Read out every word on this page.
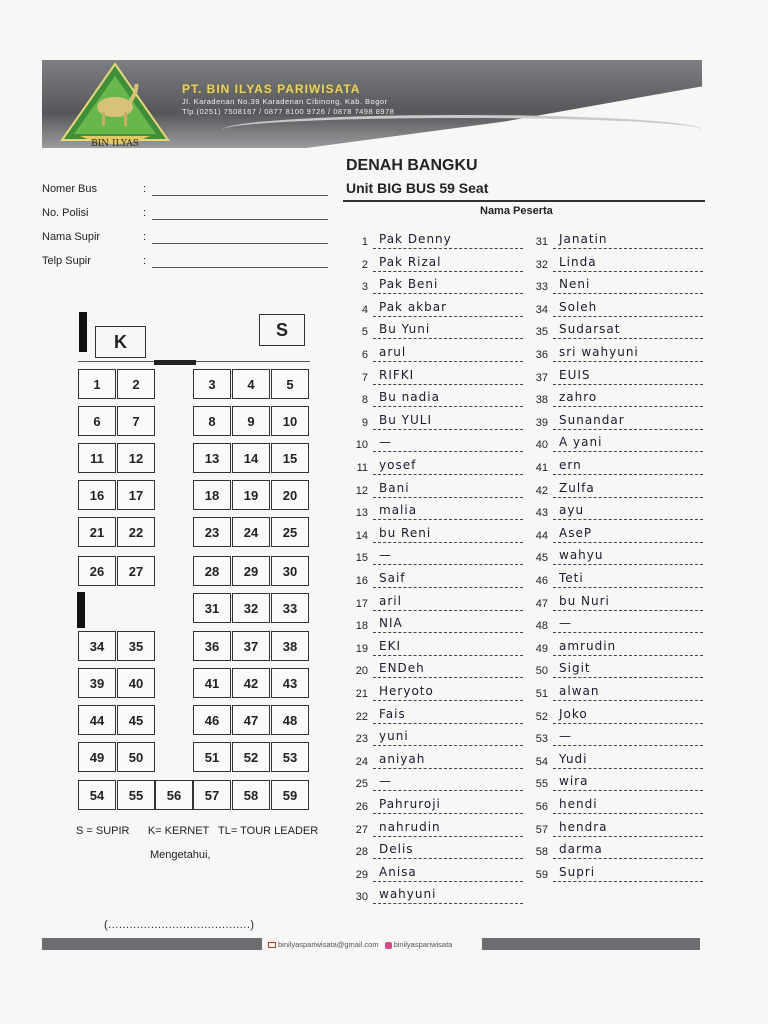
BIN ILYAS
PT. BIN ILYAS PARIWISATA
Jl. Karadenan No.39 Karadenan Cibinong, Kab. Bogor
Tlp.(0251) 7508167 / 0877 8100 9726 / 0878 7498 8978
Nomer Bus	:
No. Polisi	:
Nama Supir	:
Telp Supir	:
DENAH BANGKU
Unit BIG BUS 59 Seat
Nama Peserta
K
S
1	2	3	4	5
6	7	8	9	10
11	12	13	14	15
16	17	18	19	20
21	22	23	24	25
26	27	28	29	30
31	32	33
34	35	36	37	38
39	40	41	42	43
44	45	46	47	48
49	50	51	52	53
54	55	56	57	58	59
S = SUPIR      K= KERNET   TL= TOUR LEADER
Mengetahui,
(........................................)
1 Pak Denny
2 Pak Rizal
3 Pak Beni
4 Pak akbar
5 Bu Yuni
6 arul
7 RIFKI
8 Bu nadia
9 Bu YULI
10 —
11 yosef
12 Bani
13 malia
14 bu Reni
15 —
16 Saif
17 aril
18 NIA
19 EKI
20 ENDeh
21 Heryoto
22 Fais
23 yuni
24 aniyah
25 —
26 Pahruroji
27 nahrudin
28 Delis
29 Anisa
30 wahyuni
31 Janatin
32 Linda
33 Neni
34 Soleh
35 Sudarsat
36 sri wahyuni
37 EUIS
38 zahro
39 Sunandar
40 A yani
41 ern
42 Zulfa
43 ayu
44 AseP
45 wahyu
46 Teti
47 bu Nuri
48 —
49 amrudin
50 Sigit
51 alwan
52 Joko
53 —
54 Yudi
55 wira
56 hendi
57 hendra
58 darma
59 Supri
binilyaspariwisata@gmail.com binilyaspariwisata
